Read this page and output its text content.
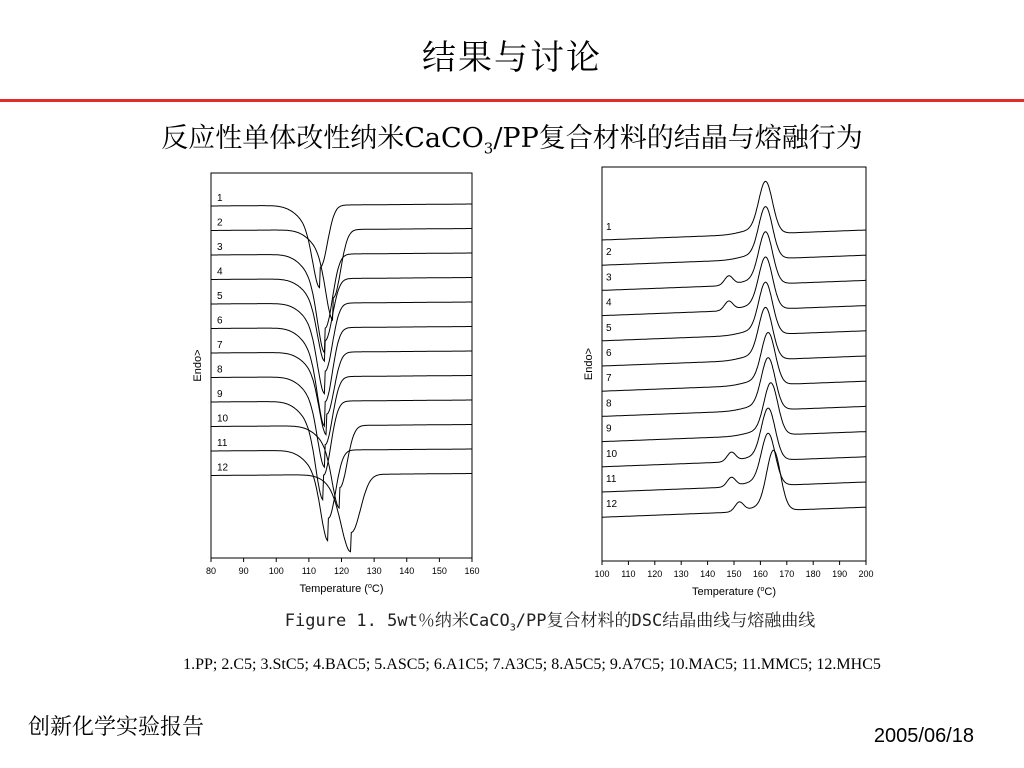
结果与讨论
反应性单体改性纳米CaCO$_3$/PP复合材料的结晶与熔融行为
80	90 100 110 120 130 140 150 160
Temperature ($^o$C)
Endo>
1
2
3
4
5
6
7
8
9
10
11
12
100 110 120 130 140 150 160 170 180 190 200
Temperature ($^o$C)
Endo>
1
2
3
4
5
6
7
8
9
10
11
12
Figure 1. 5wt％纳米CaCO$_3$/PP复合材料的DSC结晶曲线与熔融曲线
1.PP; 2.C5; 3.StC5; 4.BAC5; 5.ASC5; 6.A1C5; 7.A3C5; 8.A5C5; 9.A7C5; 10.MAC5; 11.MMC5; 12.MHC5
创新化学实验报告	2005/06/18
